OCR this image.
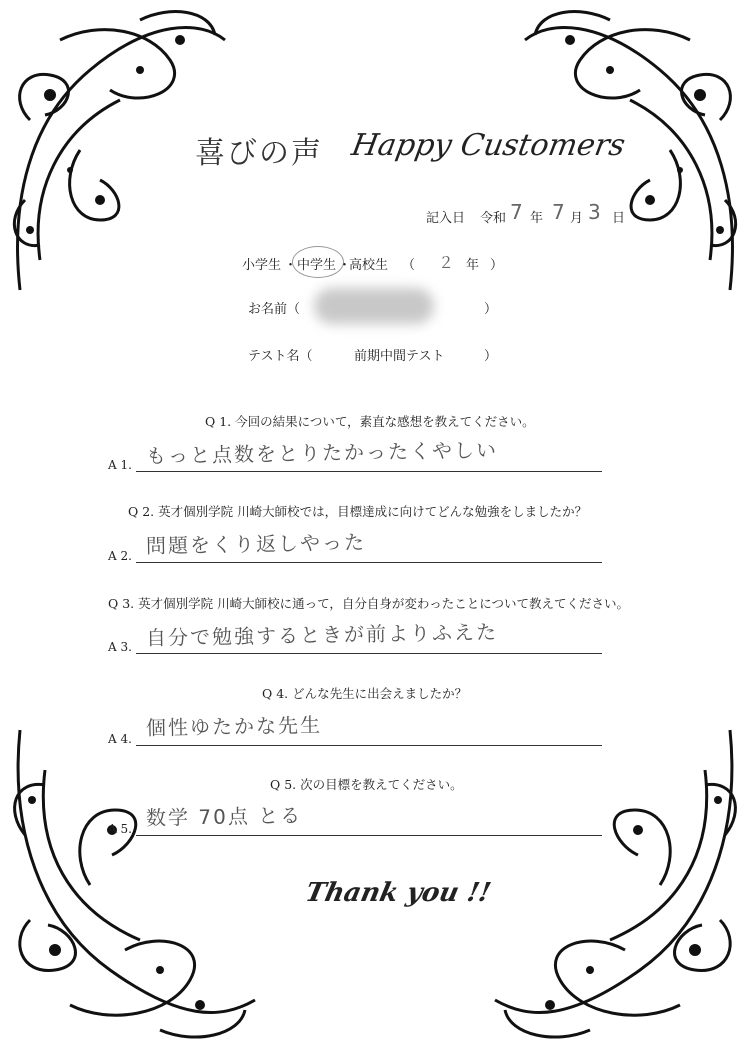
喜びの声 Happy Customers
記入日 令和 7 年 7 月 3 日
小学生 ・ 中学生 ・
高校生 （ ２ 年 ）
お名前（	）
テスト名（	前期中間テスト	）
Q 1. 今回の結果について，素直な感想を教えてください。
A 1. もっと点数をとりたかったくやしい
Q 2. 英才個別学院 川崎大師校では，目標達成に向けてどんな勉強をしましたか？
A 2. 問題をくり返しやった
Q 3. 英才個別学院 川崎大師校に通って，自分自身が変わったことについて教えてください。
A 3. 自分で勉強するときが前よりふえた
Q 4. どんな先生に出会えましたか？
A 4. 個性ゆたかな先生
Q 5. 次の目標を教えてください。
A 5. 数学 70点 とる
Thank you !!
